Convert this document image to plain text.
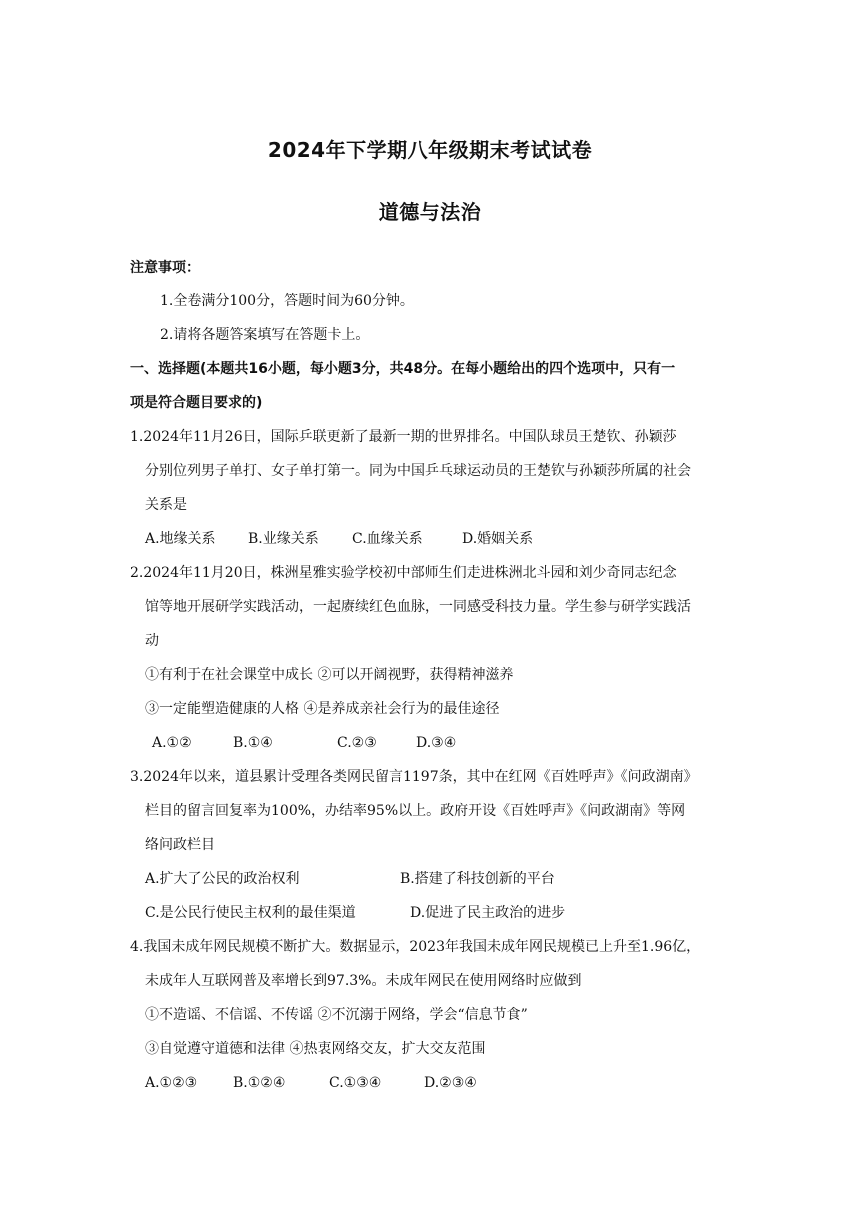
2024年下学期八年级期末考试试卷
道德与法治
注意事项：
1.全卷满分100分，答题时间为60分钟。
2.请将各题答案填写在答题卡上。
一、选择题(本题共16小题，每小题3分，共48分。在每小题给出的四个选项中，只有一
项是符合题目要求的)
1.2024年11月26日，国际乒联更新了最新一期的世界排名。中国队球员王楚钦、孙颖莎
分别位列男子单打、女子单打第一。同为中国乒乓球运动员的王楚钦与孙颖莎所属的社会
关系是
A.地缘关系 B.业缘关系 C.血缘关系	D.婚姻关系
2.2024年11月20日，株洲星雅实验学校初中部师生们走进株洲北斗园和刘少奇同志纪念
馆等地开展研学实践活动，一起赓续红色血脉，一同感受科技力量。学生参与研学实践活
动
①有利于在社会课堂中成长 ②可以开阔视野，获得精神滋养
③一定能塑造健康的人格 ④是养成亲社会行为的最佳途径
A.①②	B.①④	C.②③	D.③④
3.2024年以来，道县累计受理各类网民留言1197条，其中在红网《百姓呼声》《问政湖南》
栏目的留言回复率为100%，办结率95%以上。政府开设《百姓呼声》《问政湖南》等网
络问政栏目
A.扩大了公民的政治权利	B.搭建了科技创新的平台
C.是公民行使民主权利的最佳渠道	D.促进了民主政治的进步
4.我国未成年网民规模不断扩大。数据显示，2023年我国未成年网民规模已上升至1.96亿，
未成年人互联网普及率增长到97.3%。未成年网民在使用网络时应做到
①不造谣、不信谣、不传谣 ②不沉溺于网络，学会“信息节食”
③自觉遵守道德和法律 ④热衷网络交友，扩大交友范围
A.①②③	B.①②④	C.①③④	D.②③④
